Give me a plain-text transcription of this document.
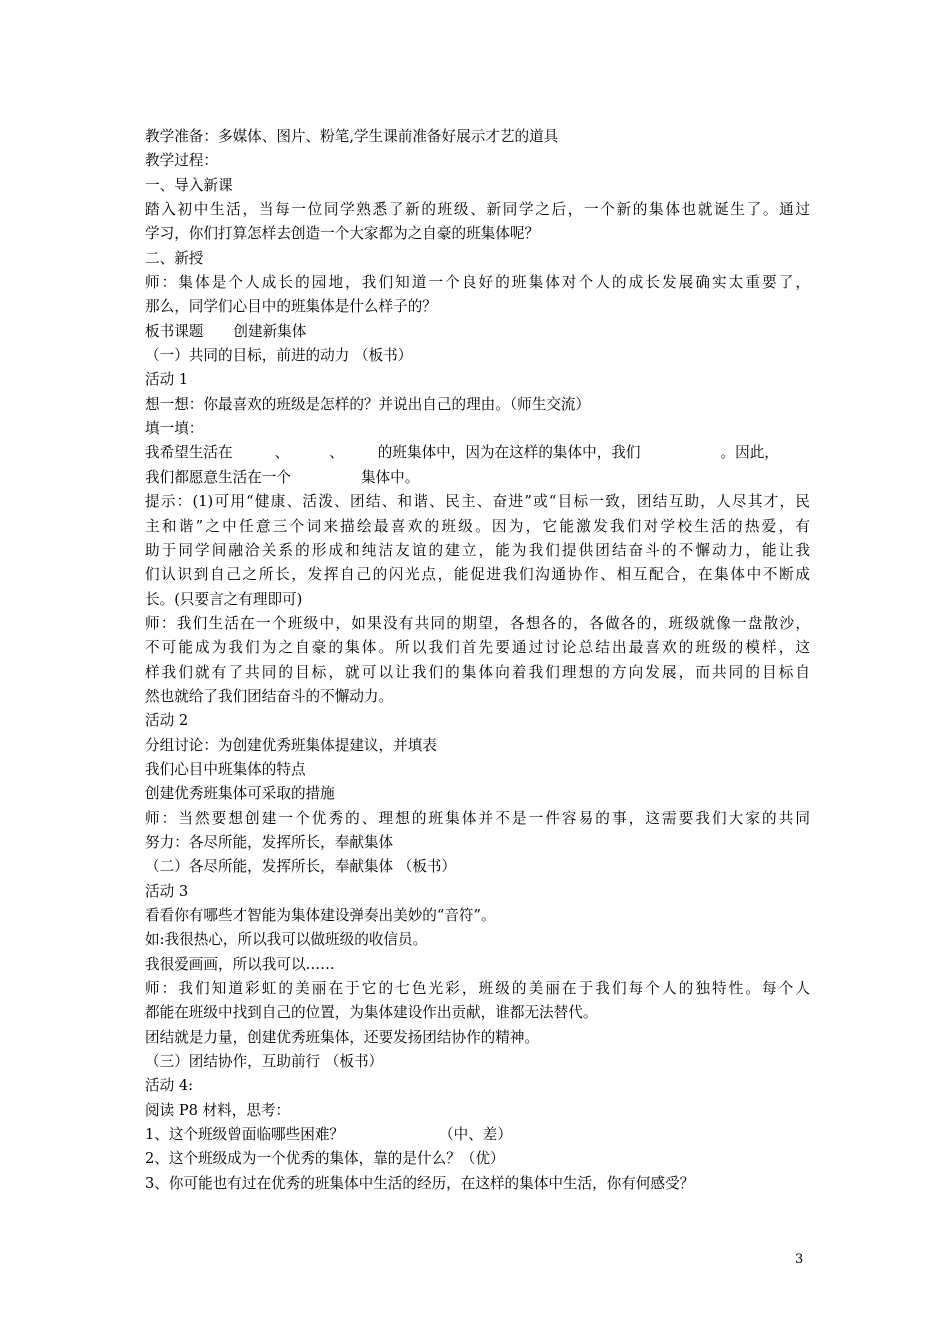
教学准备：多媒体、图片、粉笔,学生课前准备好展示才艺的道具

教学过程：

一、导入新课

踏入初中生活，当每一位同学熟悉了新的班级、新同学之后，一个新的集体也就诞生了。通过

学习，你们打算怎样去创造一个大家都为之自豪的班集体呢？

二、新授

师：集体是个人成长的园地，我们知道一个良好的班集体对个人的成长发展确实太重要了，

那么，同学们心目中的班集体是什么样子的？

板书课题 创建新集体

（一）共同的目标，前进的动力 （板书）

活动 1

想一想：你最喜欢的班级是怎样的？并说出自己的理由。（师生交流）

填一填：

我希望生活在	、	、 的班集体中，因为在这样的集体中，我们	。因此，

我们都愿意生活在一个	集体中。

提示：(1)可用“健康、活泼、团结、和谐、民主、奋进”或“目标一致，团结互助，人尽其才，民

主和谐”之中任意三个词来描绘最喜欢的班级。因为，它能激发我们对学校生活的热爱，有

助于同学间融洽关系的形成和纯洁友谊的建立，能为我们提供团结奋斗的不懈动力，能让我

们认识到自己之所长，发挥自己的闪光点，能促进我们沟通协作、相互配合，在集体中不断成

长。(只要言之有理即可)

师：我们生活在一个班级中，如果没有共同的期望，各想各的，各做各的，班级就像一盘散沙，

不可能成为我们为之自豪的集体。所以我们首先要通过讨论总结出最喜欢的班级的模样，这

样我们就有了共同的目标，就可以让我们的集体向着我们理想的方向发展，而共同的目标自

然也就给了我们团结奋斗的不懈动力。

活动 2

分组讨论：为创建优秀班集体提建议，并填表

我们心目中班集体的特点

创建优秀班集体可采取的措施

师：当然要想创建一个优秀的、理想的班集体并不是一件容易的事，这需要我们大家的共同

努力：各尽所能，发挥所长，奉献集体

（二）各尽所能，发挥所长，奉献集体 （板书）

活动 3

看看你有哪些才智能为集体建设弹奏出美妙的“音符”。

如:我很热心，所以我可以做班级的收信员。

我很爱画画，所以我可以……

师：我们知道彩虹的美丽在于它的七色光彩，班级的美丽在于我们每个人的独特性。每个人

都能在班级中找到自己的位置，为集体建设作出贡献，谁都无法替代。

团结就是力量，创建优秀班集体，还要发扬团结协作的精神。

（三）团结协作，互助前行 （板书）

活动 4:

阅读 P8 材料，思考：

1、这个班级曾面临哪些困难？	（中、差）

2、这个班级成为一个优秀的集体，靠的是什么？（优）

3、你可能也有过在优秀的班集体中生活的经历，在这样的集体中生活，你有何感受？

3
